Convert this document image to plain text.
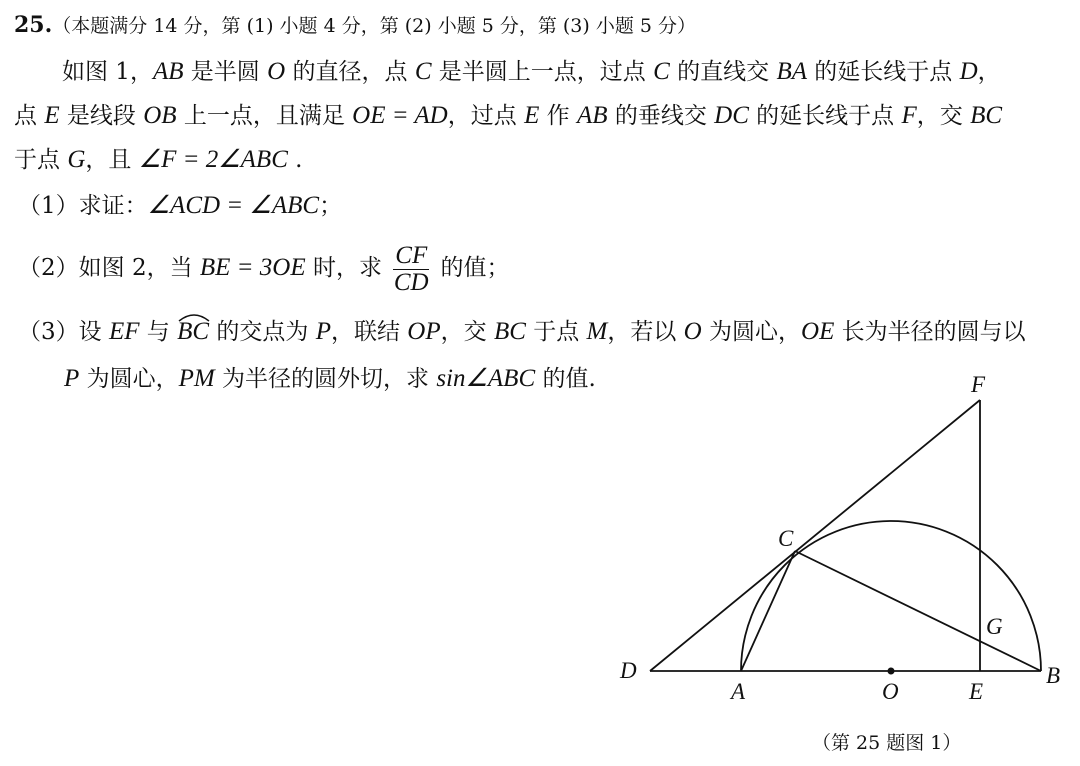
25.（本题满分 14 分，第 (1) 小题 4 分，第 (2) 小题 5 分，第 (3) 小题 5 分）
如图 1，AB 是半圆 O 的直径，点 C 是半圆上一点，过点 C 的直线交 BA 的延长线于点 D，
点 E 是线段 OB 上一点，且满足 OE = AD，过点 E 作 AB 的垂线交 DC 的延长线于点 F，交 BC
于点 G，且 ∠F = 2∠ABC .
（1）求证：∠ACD = ∠ABC；
（2）如图 2，当 BE = 3OE 时，求 $\frac{CF}{CD}$ 的值；
（3）设 EF 与 BC
的交点为 P，联结 OP，交 BC 于点 M，若以 O 为圆心，OE 长为半径的圆与以
P 为圆心，PM 为半径的圆外切，求 sin∠ABC 的值.	F
C
G
D
A	O	E
B
（第 25 题图 1）
